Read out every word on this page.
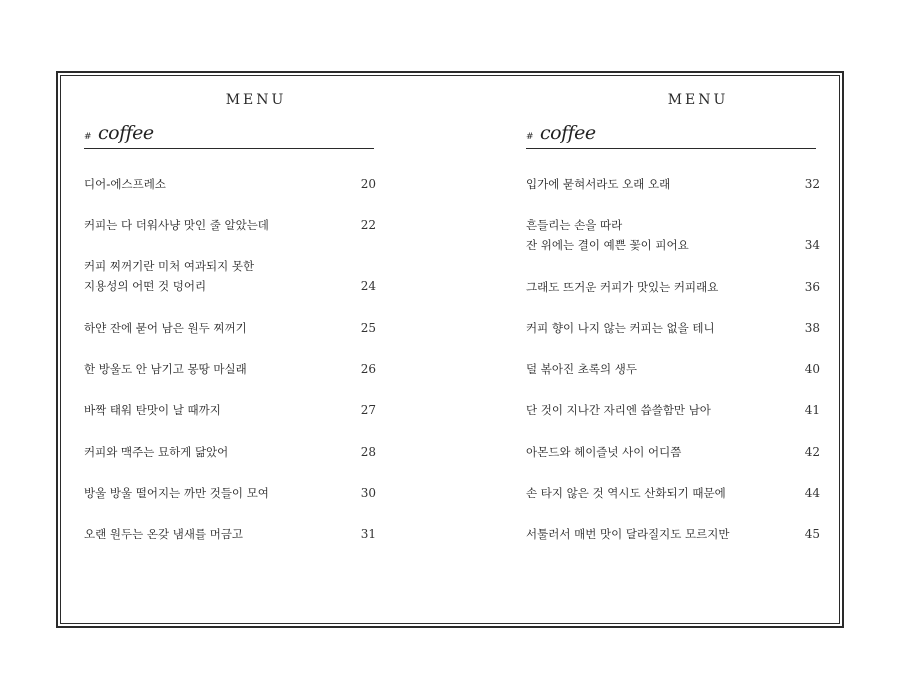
MENU
# coffee
디어-에스프레소	20
커피는 다 더워사냥 맛인 줄 알았는데	22
커피 찌꺼기란 미처 여과되지 못한
지용성의 어떤 것 덩어리	24
하얀 잔에 묻어 남은 원두 찌꺼기	25
한 방울도 안 남기고 몽땅 마실래	26
바짝 태워 탄맛이 날 때까지	27
커피와 맥주는 묘하게 닮았어	28
방울 방울 떨어지는 까만 것들이 모여	30
오랜 원두는 온갖 냄새를 머금고	31
MENU
# coffee
입가에 묻혀서라도 오래 오래	32
흔들리는 손을 따라
잔 위에는 결이 예쁜 꽃이 피어요	34
그래도 뜨거운 커피가 맛있는 커피래요	36
커피 향이 나지 않는 커피는 없을 테니	38
덜 볶아진 초록의 생두	40
단 것이 지나간 자리엔 씁쓸함만 남아	41
아몬드와 헤이즐넛 사이 어디쯤	42
손 타지 않은 것 역시도 산화되기 때문에	44
서툴러서 매번 맛이 달라질지도 모르지만	45
